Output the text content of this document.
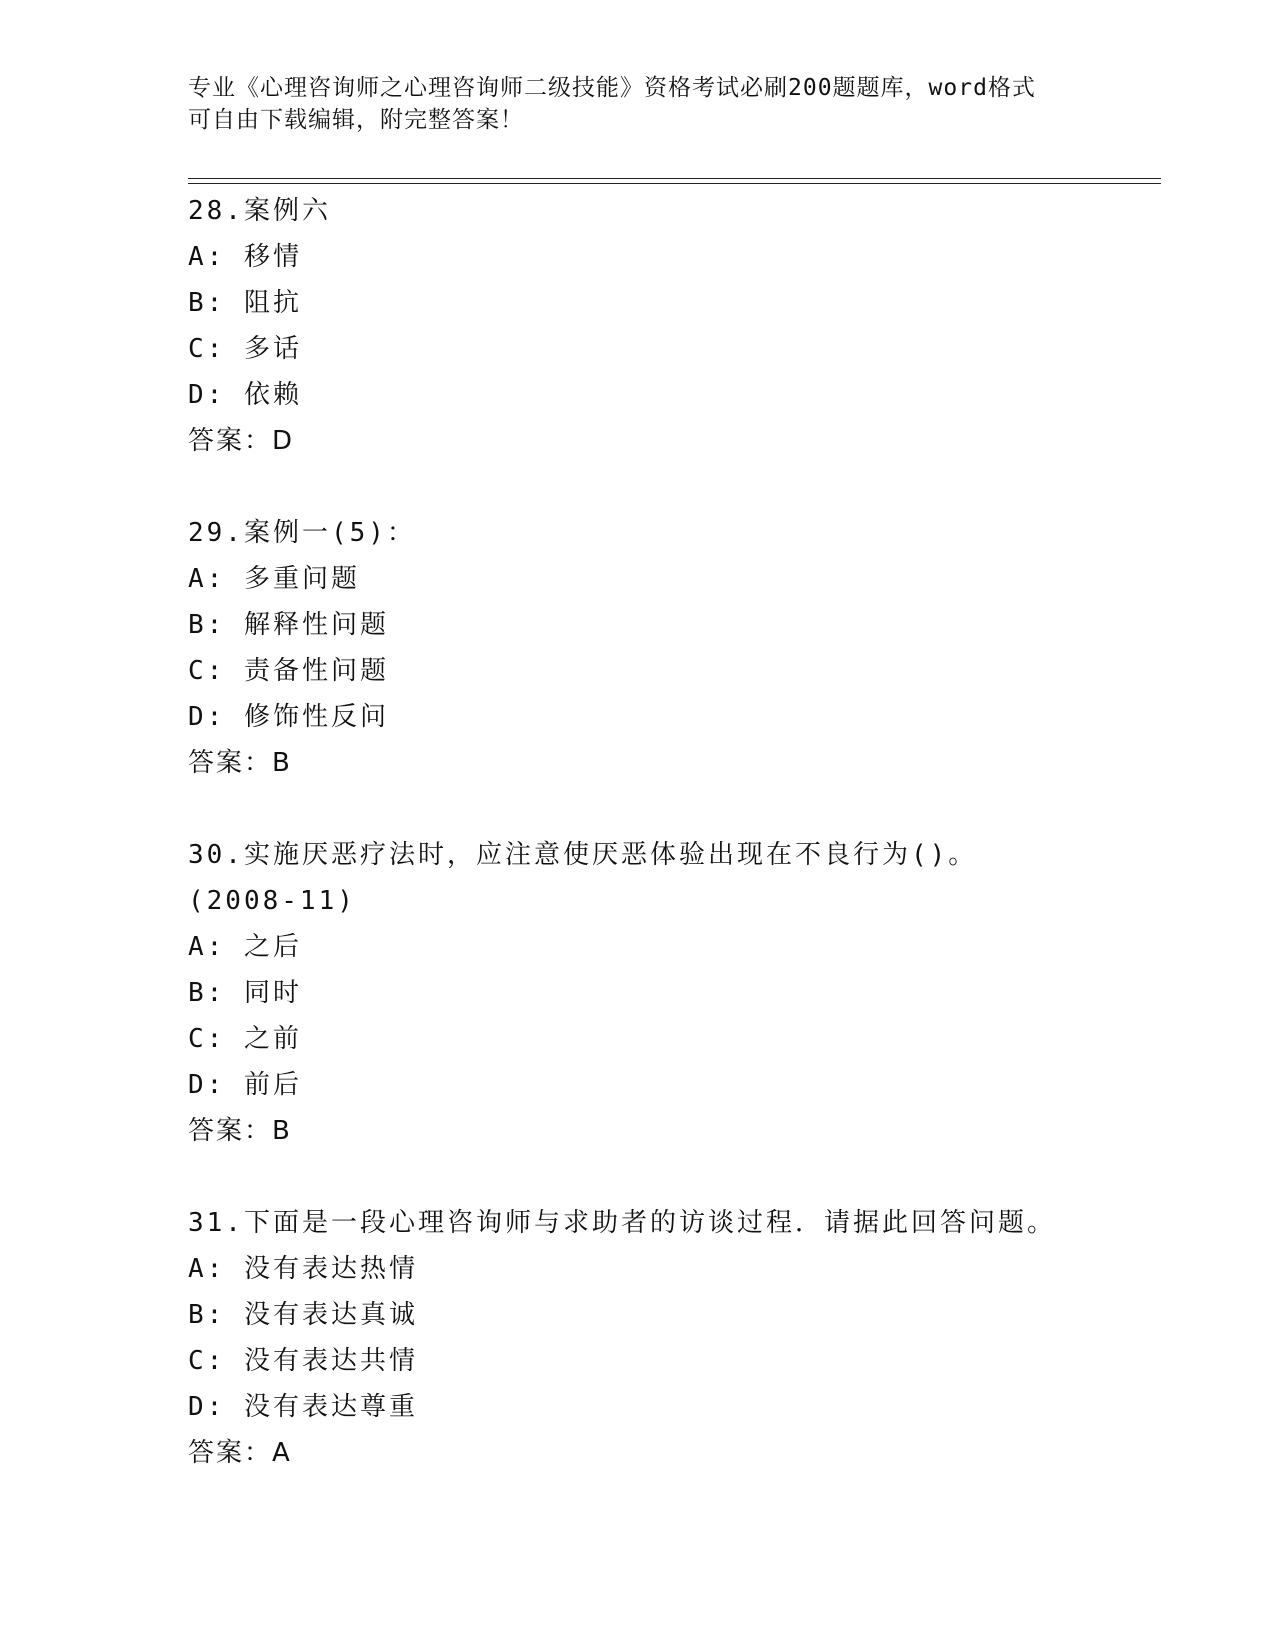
专业《心理咨询师之心理咨询师二级技能》资格考试必刷200题题库，word格式
可自由下载编辑，附完整答案！
28.案例六
A: 移情
B: 阻抗
C: 多话
D: 依赖
答案：D
29.案例一(5)：
A: 多重问题
B: 解释性问题
C: 责备性问题
D: 修饰性反问
答案：B
30.实施厌恶疗法时，应注意使厌恶体验出现在不良行为()。(2008-11)
A: 之后
B: 同时
C: 之前
D: 前后
答案：B
31.下面是一段心理咨询师与求助者的访谈过程．请据此回答问题。
A: 没有表达热情
B: 没有表达真诚
C: 没有表达共情
D: 没有表达尊重
答案：A
